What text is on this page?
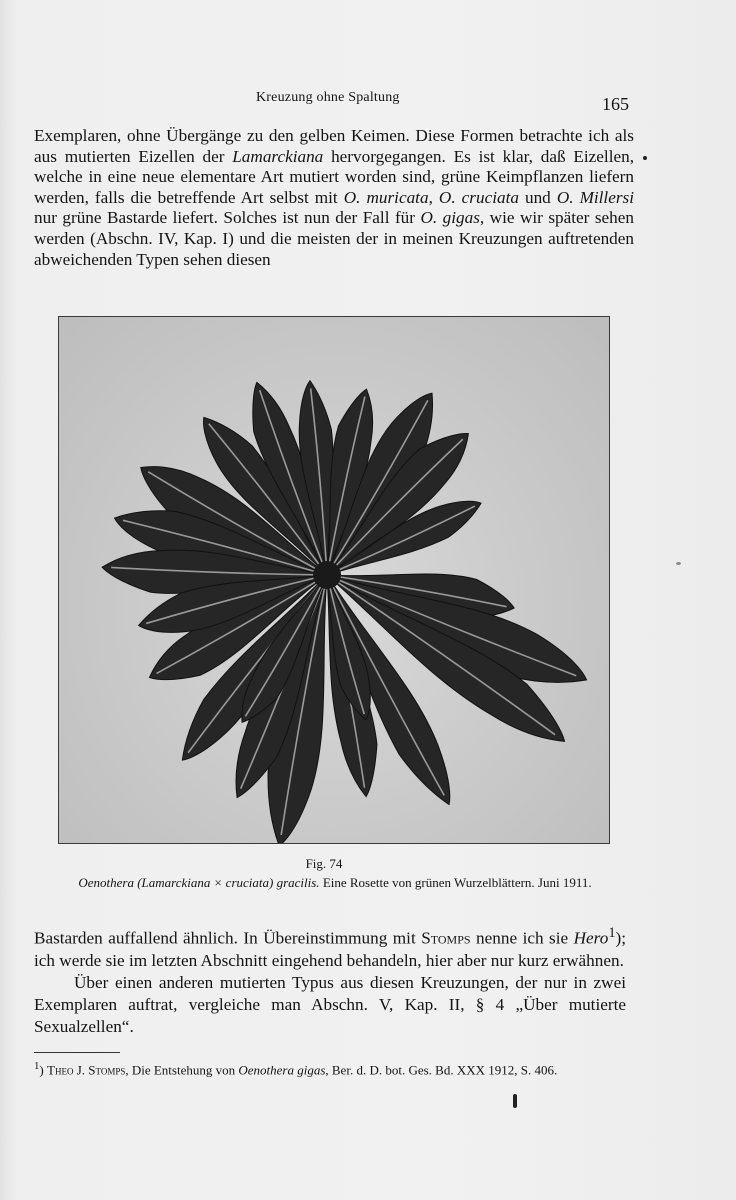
Kreuzung ohne Spaltung	165
Exemplaren, ohne Übergänge zu den gelben Keimen. Diese Formen betrachte ich als aus mutierten Eizellen der Lamarckiana hervorgegangen. Es ist klar, daß Eizellen, welche in eine neue elementare Art mutiert worden sind, grüne Keimpflanzen liefern werden, falls die betreffende Art selbst mit O. muricata, O. cruciata und O. Millersi nur grüne Bastarde liefert. Solches ist nun der Fall für O. gigas, wie wir später sehen werden (Abschn. IV, Kap. I) und die meisten der in meinen Kreuzungen auftretenden abweichenden Typen sehen diesen
Fig. 74
Oenothera (Lamarckiana × cruciata) gracilis. Eine Rosette von grünen Wurzelblättern. Juni 1911.

Bastarden auffallend ähnlich. In Übereinstimmung mit Stomps nenne ich sie Hero$^1$); ich werde sie im letzten Abschnitt eingehend behandeln, hier aber nur kurz erwähnen.

Über einen anderen mutierten Typus aus diesen Kreuzungen, der nur in zwei Exemplaren auftrat, vergleiche man Abschn. V, Kap. II, § 4 „Über mutierte Sexualzellen“.

$^1$) Theo J. Stomps, Die Entstehung von Oenothera gigas, Ber. d. D. bot. Ges. Bd. XXX 1912, S. 406.
